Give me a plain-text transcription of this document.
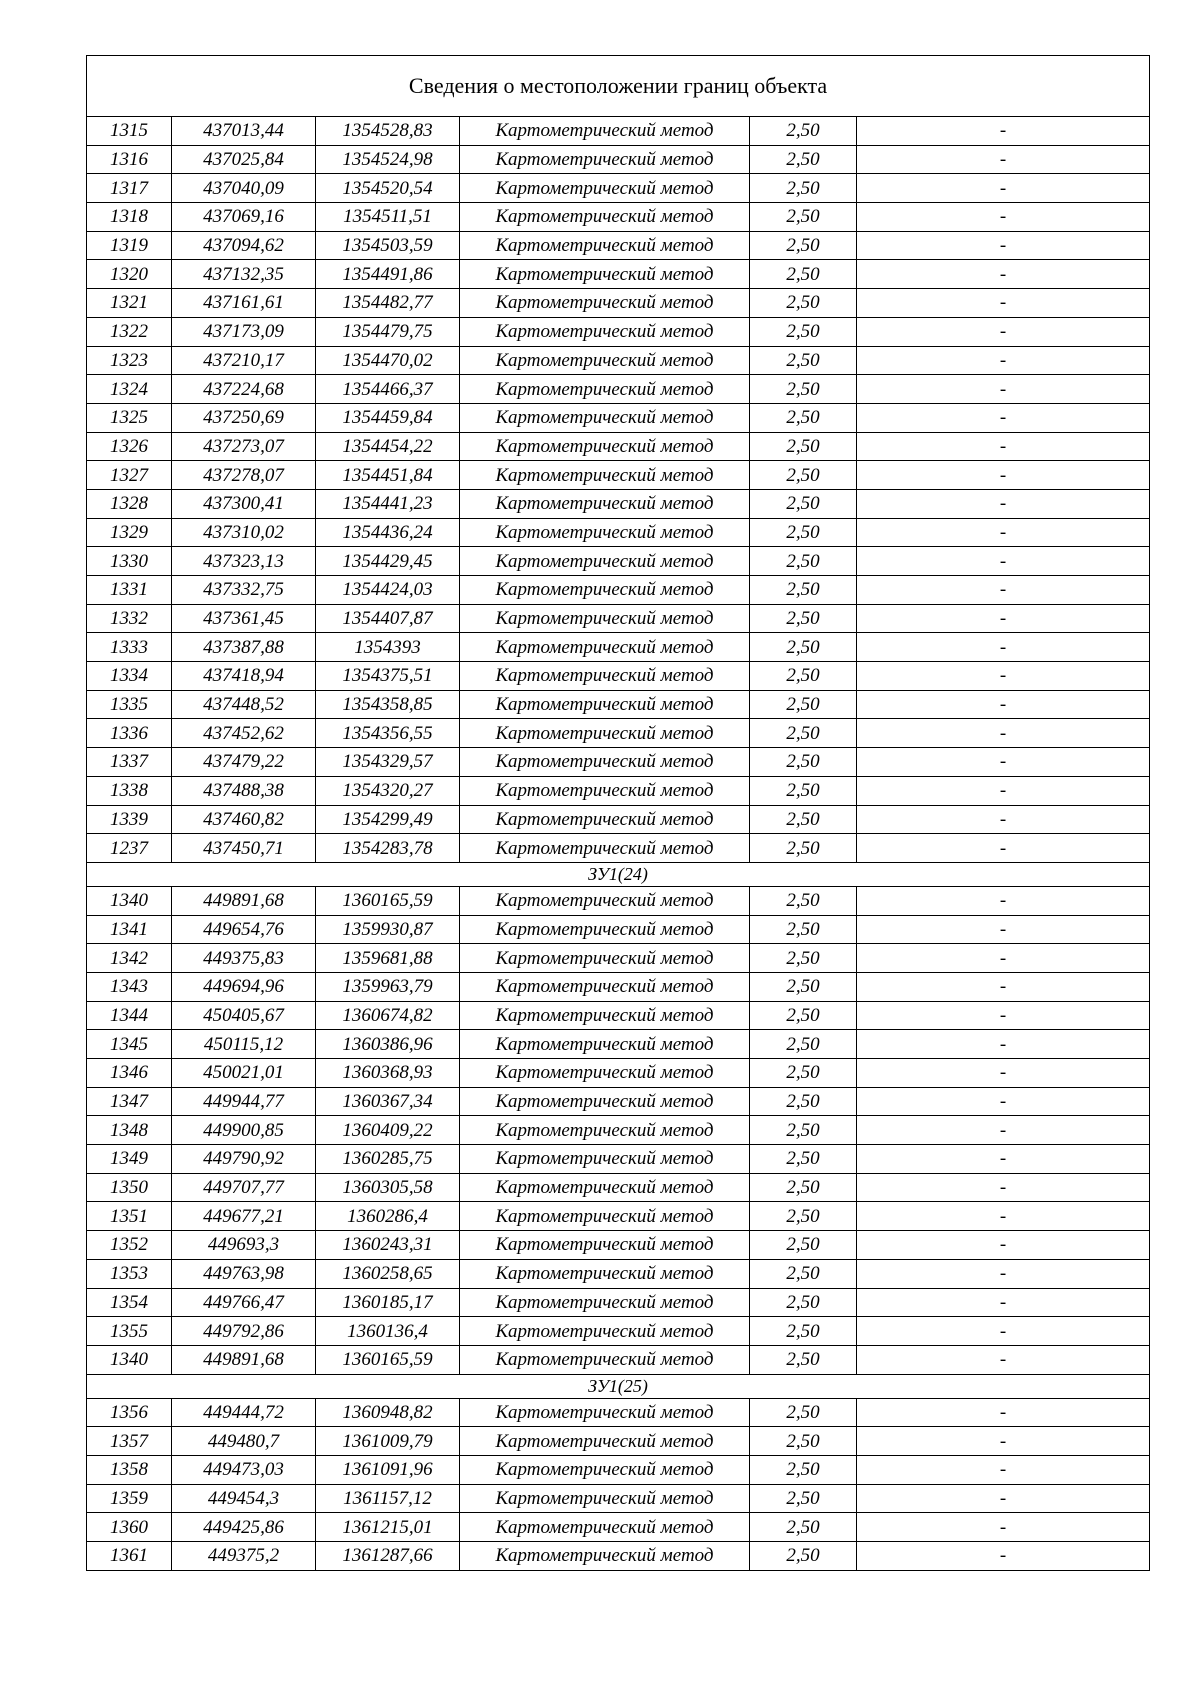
Сведения о местоположении границ объекта					
1315	437013,44	1354528,83	Картометрический метод	2,50	-
1316	437025,84	1354524,98	Картометрический метод	2,50	-
1317	437040,09	1354520,54	Картометрический метод	2,50	-
1318	437069,16	1354511,51	Картометрический метод	2,50	-
1319	437094,62	1354503,59	Картометрический метод	2,50	-
1320	437132,35	1354491,86	Картометрический метод	2,50	-
1321	437161,61	1354482,77	Картометрический метод	2,50	-
1322	437173,09	1354479,75	Картометрический метод	2,50	-
1323	437210,17	1354470,02	Картометрический метод	2,50	-
1324	437224,68	1354466,37	Картометрический метод	2,50	-
1325	437250,69	1354459,84	Картометрический метод	2,50	-
1326	437273,07	1354454,22	Картометрический метод	2,50	-
1327	437278,07	1354451,84	Картометрический метод	2,50	-
1328	437300,41	1354441,23	Картометрический метод	2,50	-
1329	437310,02	1354436,24	Картометрический метод	2,50	-
1330	437323,13	1354429,45	Картометрический метод	2,50	-
1331	437332,75	1354424,03	Картометрический метод	2,50	-
1332	437361,45	1354407,87	Картометрический метод	2,50	-
1333	437387,88	1354393	Картометрический метод	2,50	-
1334	437418,94	1354375,51	Картометрический метод	2,50	-
1335	437448,52	1354358,85	Картометрический метод	2,50	-
1336	437452,62	1354356,55	Картометрический метод	2,50	-
1337	437479,22	1354329,57	Картометрический метод	2,50	-
1338	437488,38	1354320,27	Картометрический метод	2,50	-
1339	437460,82	1354299,49	Картометрический метод	2,50	-
1237	437450,71	1354283,78	Картометрический метод	2,50	-
ЗУ1(24)					
1340	449891,68	1360165,59	Картометрический метод	2,50	-
1341	449654,76	1359930,87	Картометрический метод	2,50	-
1342	449375,83	1359681,88	Картометрический метод	2,50	-
1343	449694,96	1359963,79	Картометрический метод	2,50	-
1344	450405,67	1360674,82	Картометрический метод	2,50	-
1345	450115,12	1360386,96	Картометрический метод	2,50	-
1346	450021,01	1360368,93	Картометрический метод	2,50	-
1347	449944,77	1360367,34	Картометрический метод	2,50	-
1348	449900,85	1360409,22	Картометрический метод	2,50	-
1349	449790,92	1360285,75	Картометрический метод	2,50	-
1350	449707,77	1360305,58	Картометрический метод	2,50	-
1351	449677,21	1360286,4	Картометрический метод	2,50	-
1352	449693,3	1360243,31	Картометрический метод	2,50	-
1353	449763,98	1360258,65	Картометрический метод	2,50	-
1354	449766,47	1360185,17	Картометрический метод	2,50	-
1355	449792,86	1360136,4	Картометрический метод	2,50	-
1340	449891,68	1360165,59	Картометрический метод	2,50	-
ЗУ1(25)					
1356	449444,72	1360948,82	Картометрический метод	2,50	-
1357	449480,7	1361009,79	Картометрический метод	2,50	-
1358	449473,03	1361091,96	Картометрический метод	2,50	-
1359	449454,3	1361157,12	Картометрический метод	2,50	-
1360	449425,86	1361215,01	Картометрический метод	2,50	-
1361	449375,2	1361287,66	Картометрический метод	2,50	-
